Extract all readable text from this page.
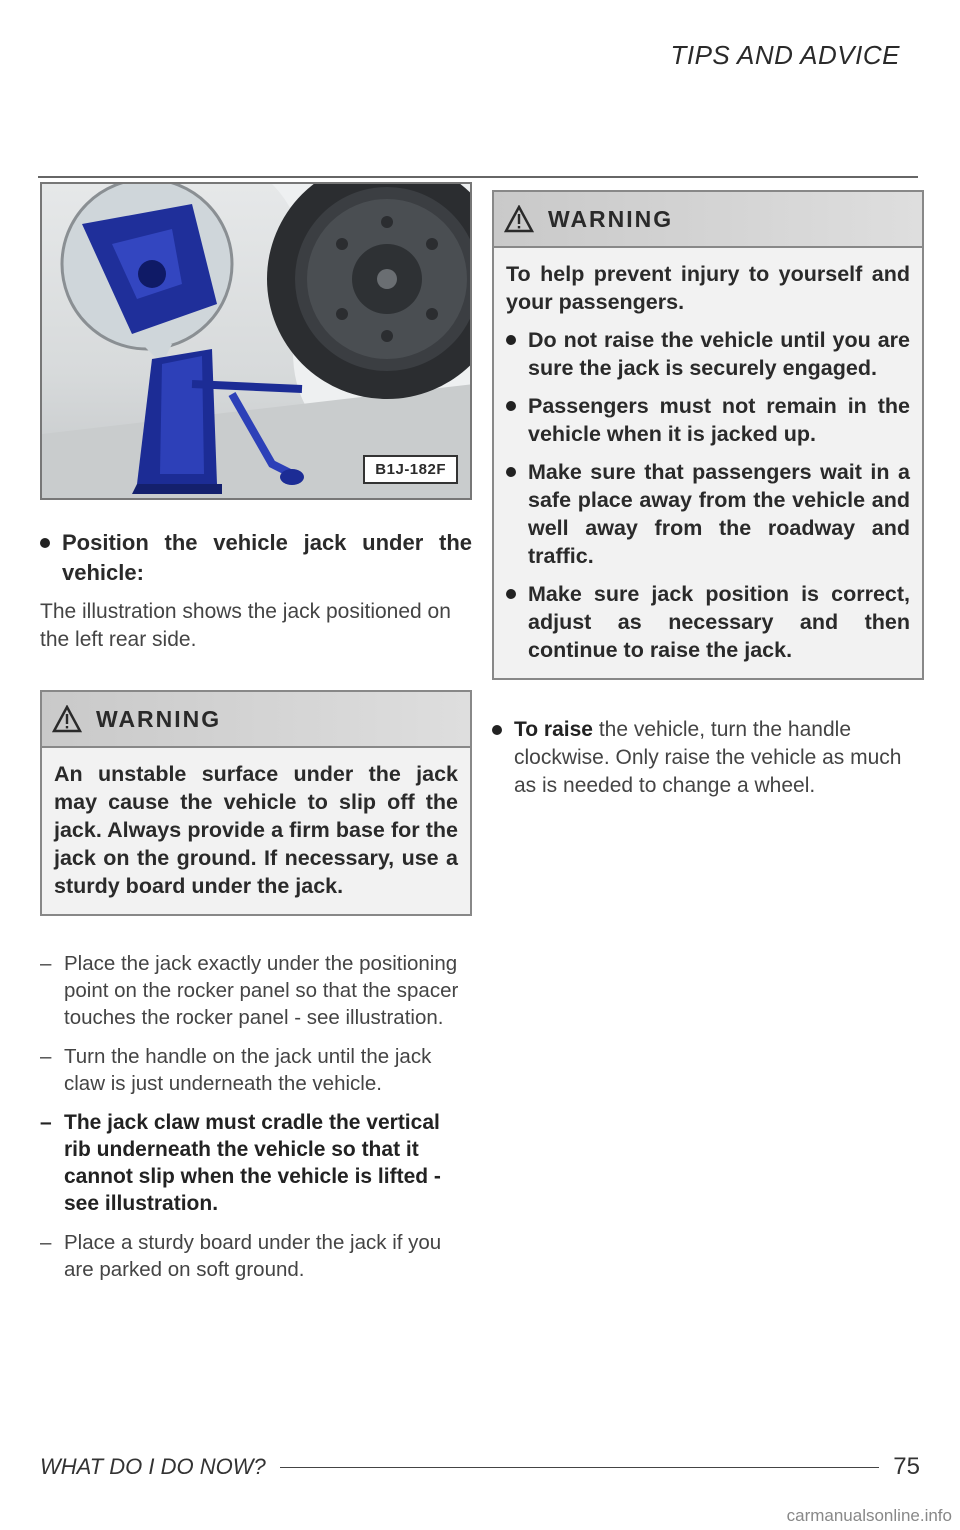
TIPS AND ADVICE
B1J-182F
Position the vehicle jack under the vehicle:
The illustration shows the jack positioned on the left rear side.
WARNING

An unstable surface under the jack may cause the vehicle to slip off the jack. Always provide a firm base for the jack on the ground. If necessary, use a sturdy board under the jack.

– Place the jack exactly under the positioning point on the rocker panel so that the spacer touches the rocker panel - see illustration.
– Turn the handle on the jack until the jack claw is just underneath the vehicle.
– The jack claw must cradle the vertical rib underneath the vehicle so that it cannot slip when the vehicle is lifted - see illustration.
– Place a sturdy board under the jack if you are parked on soft ground.
WARNING

To help prevent injury to yourself and your passengers.

Do not raise the vehicle until you are sure the jack is securely engaged.
Passengers must not remain in the vehicle when it is jacked up.
Make sure that passengers wait in a safe place away from the vehicle and well away from the roadway and traffic.
Make sure jack position is correct, adjust as necessary and then continue to raise the jack.
To raise the vehicle, turn the handle clockwise. Only raise the vehicle as much as is needed to change a wheel.
WHAT DO I DO NOW?	75
carmanualsonline.info
